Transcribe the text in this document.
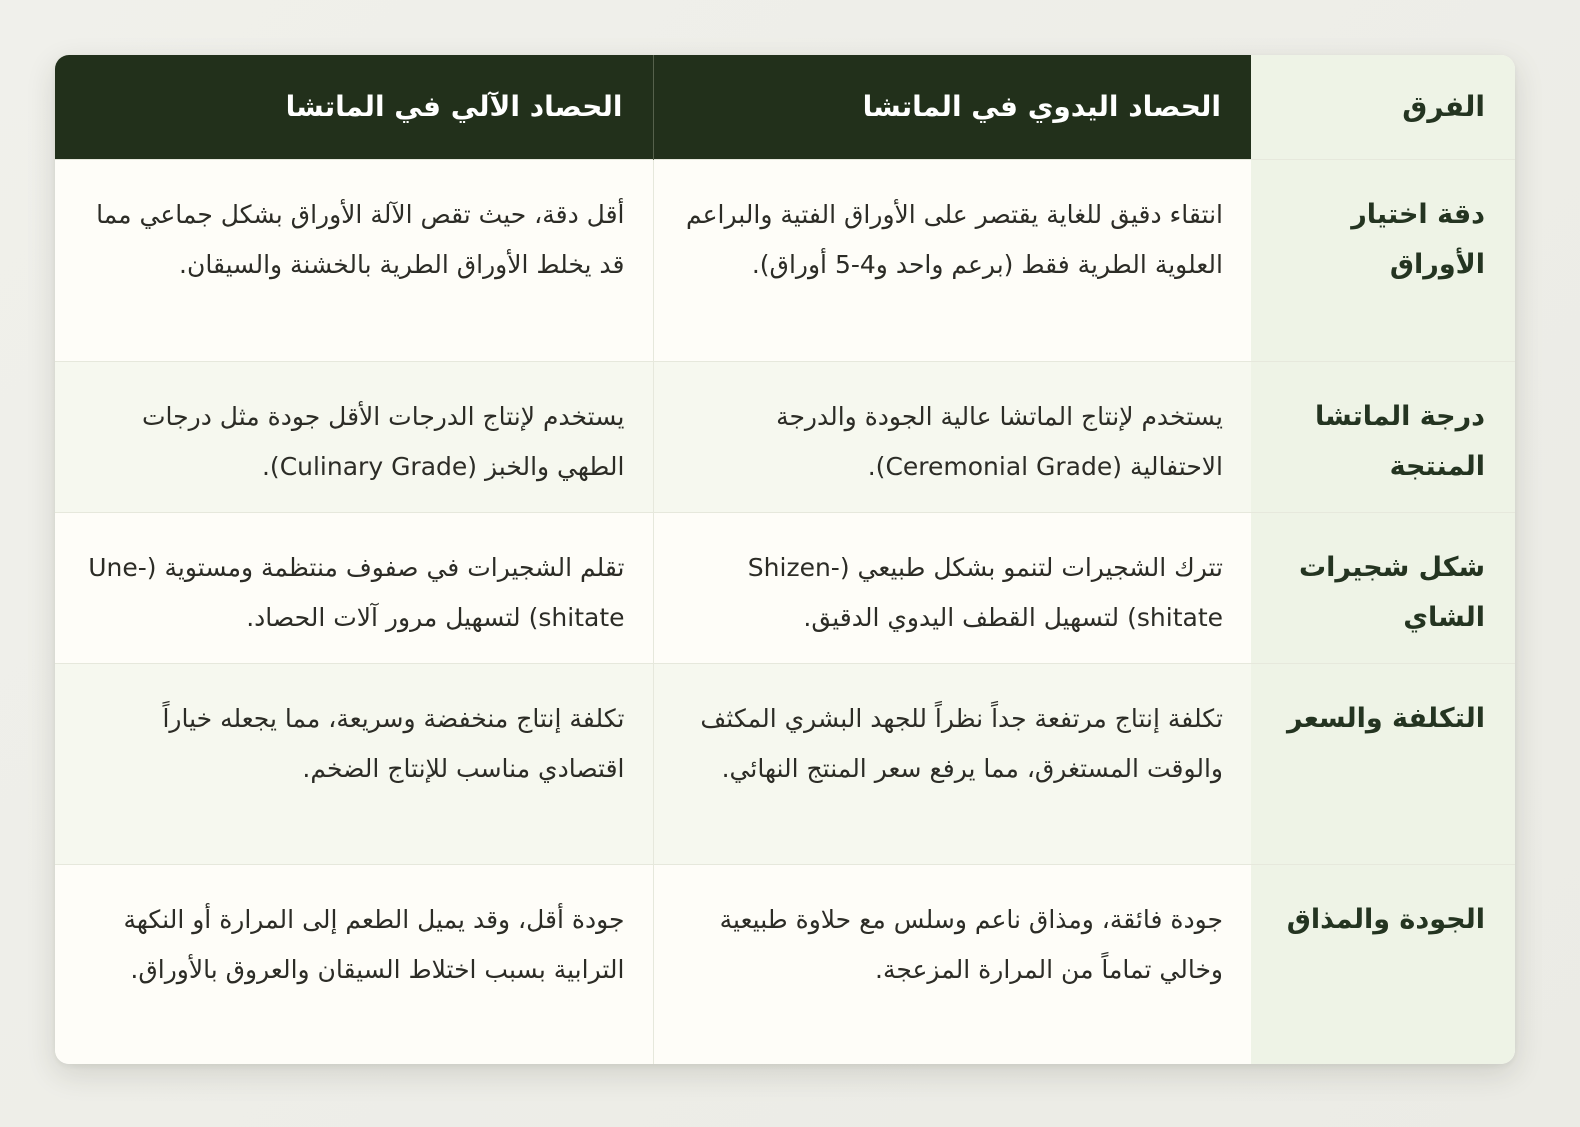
الفرق	الحصاد اليدوي في الماتشا	الحصاد الآلي في الماتشا
دقة اختيار الأوراق	انتقاء دقيق للغاية يقتصر على الأوراق الفتية والبراعم العلوية الطرية فقط (برعم واحد و4-5 أوراق).	أقل دقة، حيث تقص الآلة الأوراق بشكل جماعي مما قد يخلط الأوراق الطرية بالخشنة والسيقان.
درجة الماتشا المنتجة	يستخدم لإنتاج الماتشا عالية الجودة والدرجة الاحتفالية (Ceremonial Grade).	يستخدم لإنتاج الدرجات الأقل جودة مثل درجات الطهي والخبز (Culinary Grade).
شكل شجيرات الشاي	تترك الشجيرات لتنمو بشكل طبيعي (Shizen-shitate) لتسهيل القطف اليدوي الدقيق.	تقلم الشجيرات في صفوف منتظمة ومستوية (Une-shitate) لتسهيل مرور آلات الحصاد.
التكلفة والسعر	تكلفة إنتاج مرتفعة جداً نظراً للجهد البشري المكثف والوقت المستغرق، مما يرفع سعر المنتج النهائي.	تكلفة إنتاج منخفضة وسريعة، مما يجعله خياراً اقتصادي مناسب للإنتاج الضخم.
الجودة والمذاق	جودة فائقة، ومذاق ناعم وسلس مع حلاوة طبيعية وخالي تماماً من المرارة المزعجة.	جودة أقل، وقد يميل الطعم إلى المرارة أو النكهة الترابية بسبب اختلاط السيقان والعروق بالأوراق.
